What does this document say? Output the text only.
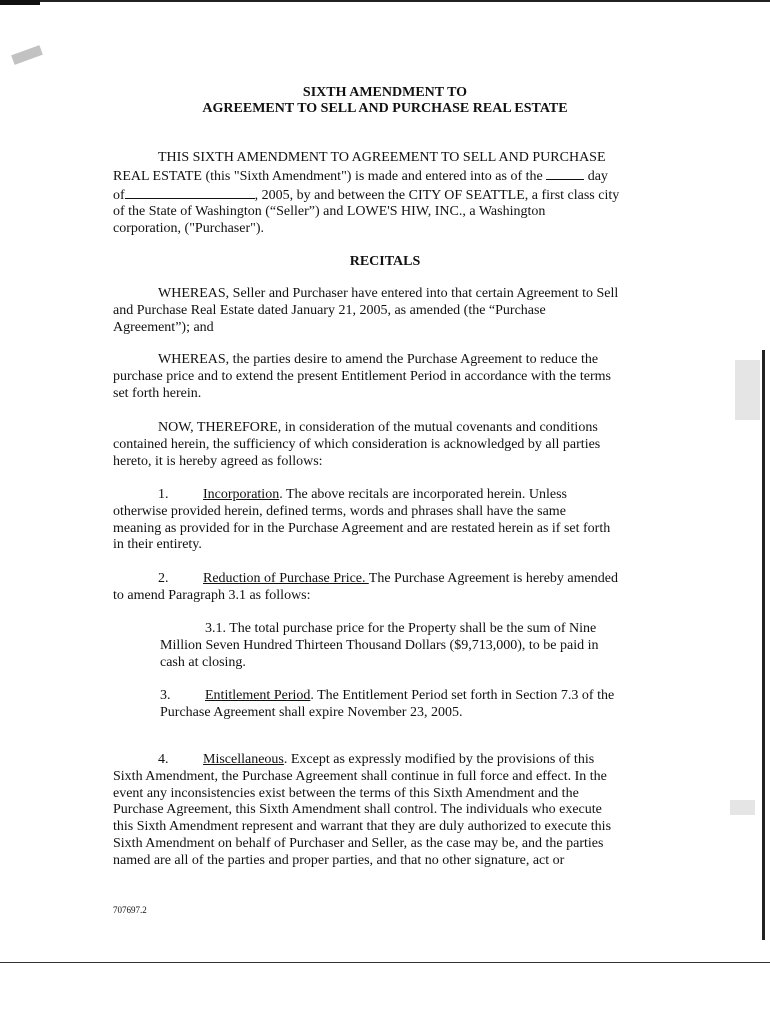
SIXTH AMENDMENT TO
AGREEMENT TO SELL AND PURCHASE REAL ESTATE
THIS SIXTH AMENDMENT TO AGREEMENT TO SELL AND PURCHASE
REAL ESTATE (this "Sixth Amendment") is made and entered into as of the	day
of	, 2005, by and between the CITY OF SEATTLE, a first class city
of the State of Washington (“Seller”) and LOWE'S HIW, INC., a Washington
corporation, ("Purchaser").
RECITALS
WHEREAS, Seller and Purchaser have entered into that certain Agreement to Sell
and Purchase Real Estate dated January 21, 2005, as amended (the “Purchase
Agreement”); and
WHEREAS, the parties desire to amend the Purchase Agreement to reduce the
purchase price and to extend the present Entitlement Period in accordance with the terms
set forth herein.
NOW, THEREFORE, in consideration of the mutual covenants and conditions
contained herein, the sufficiency of which consideration is acknowledged by all parties
hereto, it is hereby agreed as follows:
1. Incorporation. The above recitals are incorporated herein. Unless
otherwise provided herein, defined terms, words and phrases shall have the same
meaning as provided for in the Purchase Agreement and are restated herein as if set forth
in their entirety.
2. Reduction of Purchase Price. The Purchase Agreement is hereby amended
to amend Paragraph 3.1 as follows:
3.1. The total purchase price for the Property shall be the sum of Nine
Million Seven Hundred Thirteen Thousand Dollars ($9,713,000), to be paid in
cash at closing.
3. Entitlement Period. The Entitlement Period set forth in Section 7.3 of the
Purchase Agreement shall expire November 23, 2005.
4. Miscellaneous. Except as expressly modified by the provisions of this
Sixth Amendment, the Purchase Agreement shall continue in full force and effect. In the
event any inconsistencies exist between the terms of this Sixth Amendment and the
Purchase Agreement, this Sixth Amendment shall control. The individuals who execute
this Sixth Amendment represent and warrant that they are duly authorized to execute this
Sixth Amendment on behalf of Purchaser and Seller, as the case may be, and the parties
named are all of the parties and proper parties, and that no other signature, act or
707697.2
